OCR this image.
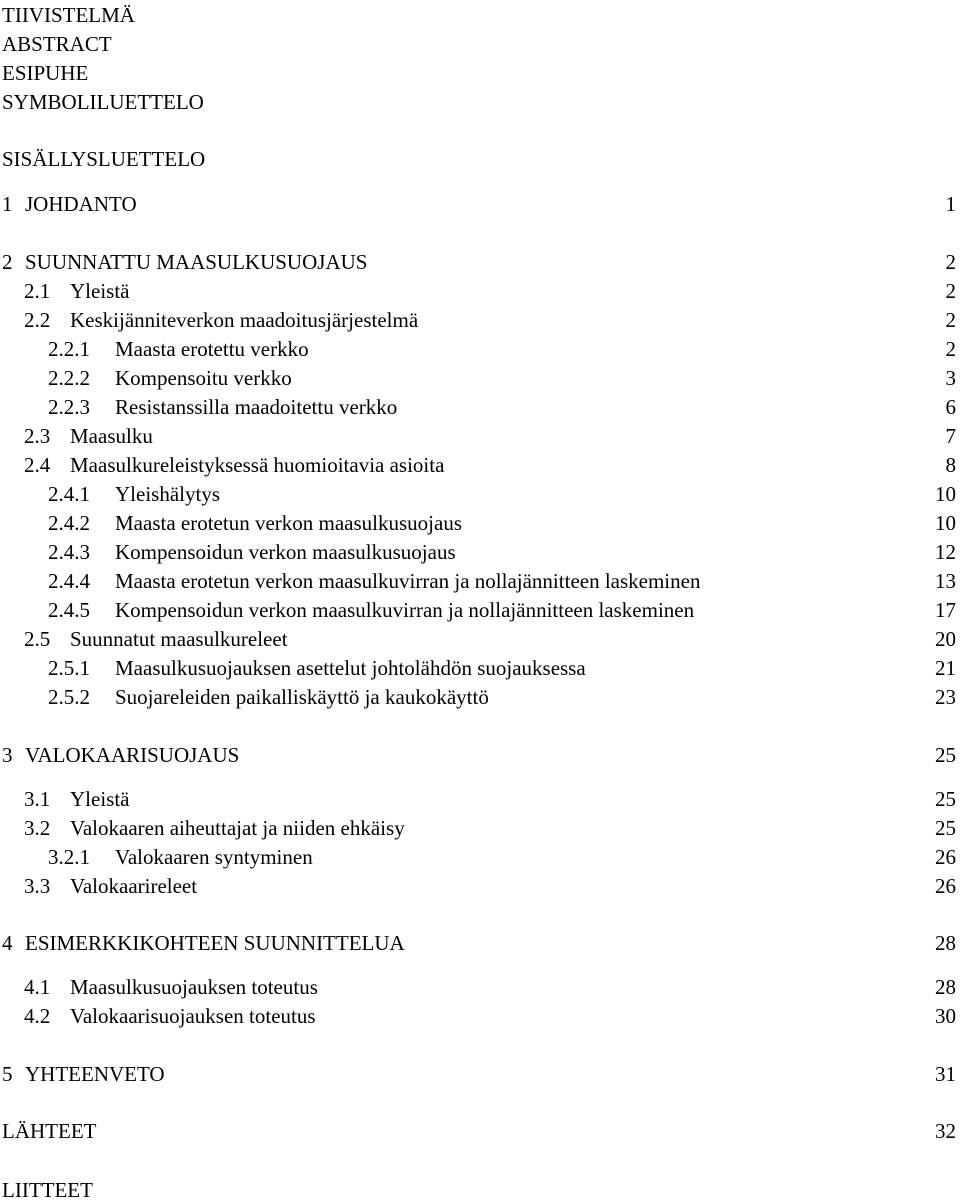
TIIVISTELMÄ
ABSTRACT
ESIPUHE
SYMBOLILUETTELO
SISÄLLYSLUETTELO
1 JOHDANTO	1
2 SUUNNATTU MAASULKUSUOJAUS	2
2.1 Yleistä	2
2.2 Keskijänniteverkon maadoitusjärjestelmä	2
2.2.1 Maasta erotettu verkko	2
2.2.2 Kompensoitu verkko	3
2.2.3 Resistanssilla maadoitettu verkko	6
2.3 Maasulku	7
2.4 Maasulkureleistyksessä huomioitavia asioita	8
2.4.1 Yleishälytys	10
2.4.2 Maasta erotetun verkon maasulkusuojaus	10
2.4.3 Kompensoidun verkon maasulkusuojaus	12
2.4.4 Maasta erotetun verkon maasulkuvirran ja nollajännitteen laskeminen	13
2.4.5 Kompensoidun verkon maasulkuvirran ja nollajännitteen laskeminen	17
2.5 Suunnatut maasulkureleet	20
2.5.1 Maasulkusuojauksen asettelut johtolähdön suojauksessa	21
2.5.2 Suojareleiden paikalliskäyttö ja kaukokäyttö	23
3 VALOKAARISUOJAUS	25
3.1 Yleistä	25
3.2 Valokaaren aiheuttajat ja niiden ehkäisy	25
3.2.1 Valokaaren syntyminen	26
3.3 Valokaarireleet	26
4 ESIMERKKIKOHTEEN SUUNNITTELUA	28
4.1 Maasulkusuojauksen toteutus	28
4.2 Valokaarisuojauksen toteutus	30
5 YHTEENVETO	31
LÄHTEET	32
LIITTEET
